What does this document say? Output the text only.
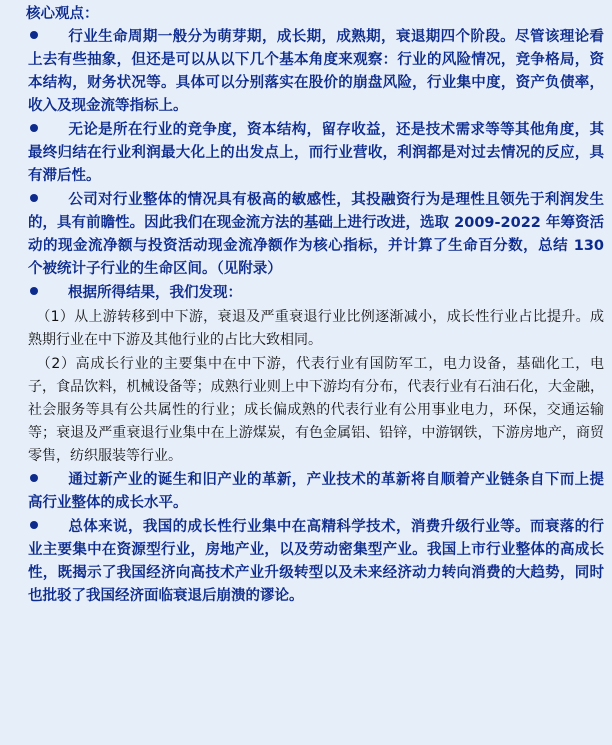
核心观点：
行业生命周期一般分为萌芽期，成长期，成熟期，衰退期四个阶段。尽管该理论看上去有些抽象，但还是可以从以下几个基本角度来观察：行业的风险情况，竞争格局，资本结构，财务状况等。具体可以分别落实在股价的崩盘风险，行业集中度，资产负债率，收入及现金流等指标上。
无论是所在行业的竞争度，资本结构，留存收益，还是技术需求等等其他角度，其最终归结在行业利润最大化上的出发点上，而行业营收，利润都是对过去情况的反应，具有滞后性。
公司对行业整体的情况具有极高的敏感性，其投融资行为是理性且领先于利润发生的，具有前瞻性。因此我们在现金流方法的基础上进行改进，选取 2009-2022 年筹资活动的现金流净额与投资活动现金流净额作为核心指标，并计算了生命百分数，总结 130 个被统计子行业的生命区间。（见附录）
根据所得结果，我们发现：
（1）从上游转移到中下游，衰退及严重衰退行业比例逐渐减小，成长性行业占比提升。成熟期行业在中下游及其他行业的占比大致相同。
（2）高成长行业的主要集中在中下游，代表行业有国防军工，电力设备，基础化工，电子，食品饮料，机械设备等；成熟行业则上中下游均有分布，代表行业有石油石化，大金融，社会服务等具有公共属性的行业；成长偏成熟的代表行业有公用事业电力，环保，交通运输等；衰退及严重衰退行业集中在上游煤炭，有色金属铝、铅锌，中游钢铁，下游房地产，商贸零售，纺织服装等行业。
通过新产业的诞生和旧产业的革新，产业技术的革新将自顺着产业链条自下而上提高行业整体的成长水平。
总体来说，我国的成长性行业集中在高精科学技术，消费升级行业等。而衰落的行业主要集中在资源型行业，房地产业，以及劳动密集型产业。我国上市行业整体的高成长性，既揭示了我国经济向高技术产业升级转型以及未来经济动力转向消费的大趋势，同时也批驳了我国经济面临衰退后崩溃的谬论。
